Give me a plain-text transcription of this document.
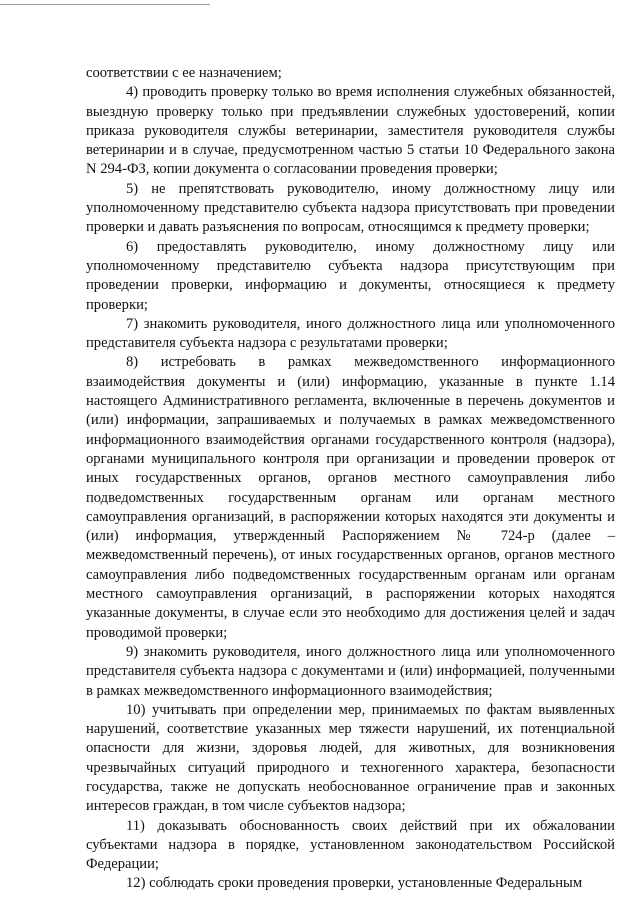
соответствии с ее назначением;

4) проводить проверку только во время исполнения служебных обязанностей, выездную проверку только при предъявлении служебных удостоверений, копии приказа руководителя службы ветеринарии, заместителя руководителя службы ветеринарии и в случае, предусмотренном частью 5 статьи 10 Федерального закона N 294-ФЗ, копии документа о согласовании проведения проверки;

5) не препятствовать руководителю, иному должностному лицу или уполномоченному представителю субъекта надзора присутствовать при проведении проверки и давать разъяснения по вопросам, относящимся к предмету проверки;

6) предоставлять руководителю, иному должностному лицу или уполномоченному представителю субъекта надзора присутствующим при проведении проверки, информацию и документы, относящиеся к предмету проверки;

7) знакомить руководителя, иного должностного лица или уполномоченного представителя субъекта надзора с результатами проверки;

8) истребовать в рамках межведомственного информационного взаимодействия документы и (или) информацию, указанные в пункте 1.14 настоящего Административного регламента, включенные в перечень документов и (или) информации, запрашиваемых и получаемых в рамках межведомственного информационного взаимодействия органами государственного контроля (надзора), органами муниципального контроля при организации и проведении проверок от иных государственных органов, органов местного самоуправления либо подведомственных государственным органам или органам местного самоуправления организаций, в распоряжении которых находятся эти документы и (или) информация, утвержденный Распоряжением № 724-р (далее – межведомственный перечень), от иных государственных органов, органов местного самоуправления либо подведомственных государственным органам или органам местного самоуправления организаций, в распоряжении которых находятся указанные документы, в случае если это необходимо для достижения целей и задач проводимой проверки;

9) знакомить руководителя, иного должностного лица или уполномоченного представителя субъекта надзора с документами и (или) информацией, полученными в рамках межведомственного информационного взаимодействия;

10) учитывать при определении мер, принимаемых по фактам выявленных нарушений, соответствие указанных мер тяжести нарушений, их потенциальной опасности для жизни, здоровья людей, для животных, для возникновения чрезвычайных ситуаций природного и техногенного характера, безопасности государства, также не допускать необоснованное ограничение прав и законных интересов граждан, в том числе субъектов надзора;

11) доказывать обоснованность своих действий при их обжаловании субъектами надзора в порядке, установленном законодательством Российской Федерации;

12) соблюдать сроки проведения проверки, установленные Федеральным
